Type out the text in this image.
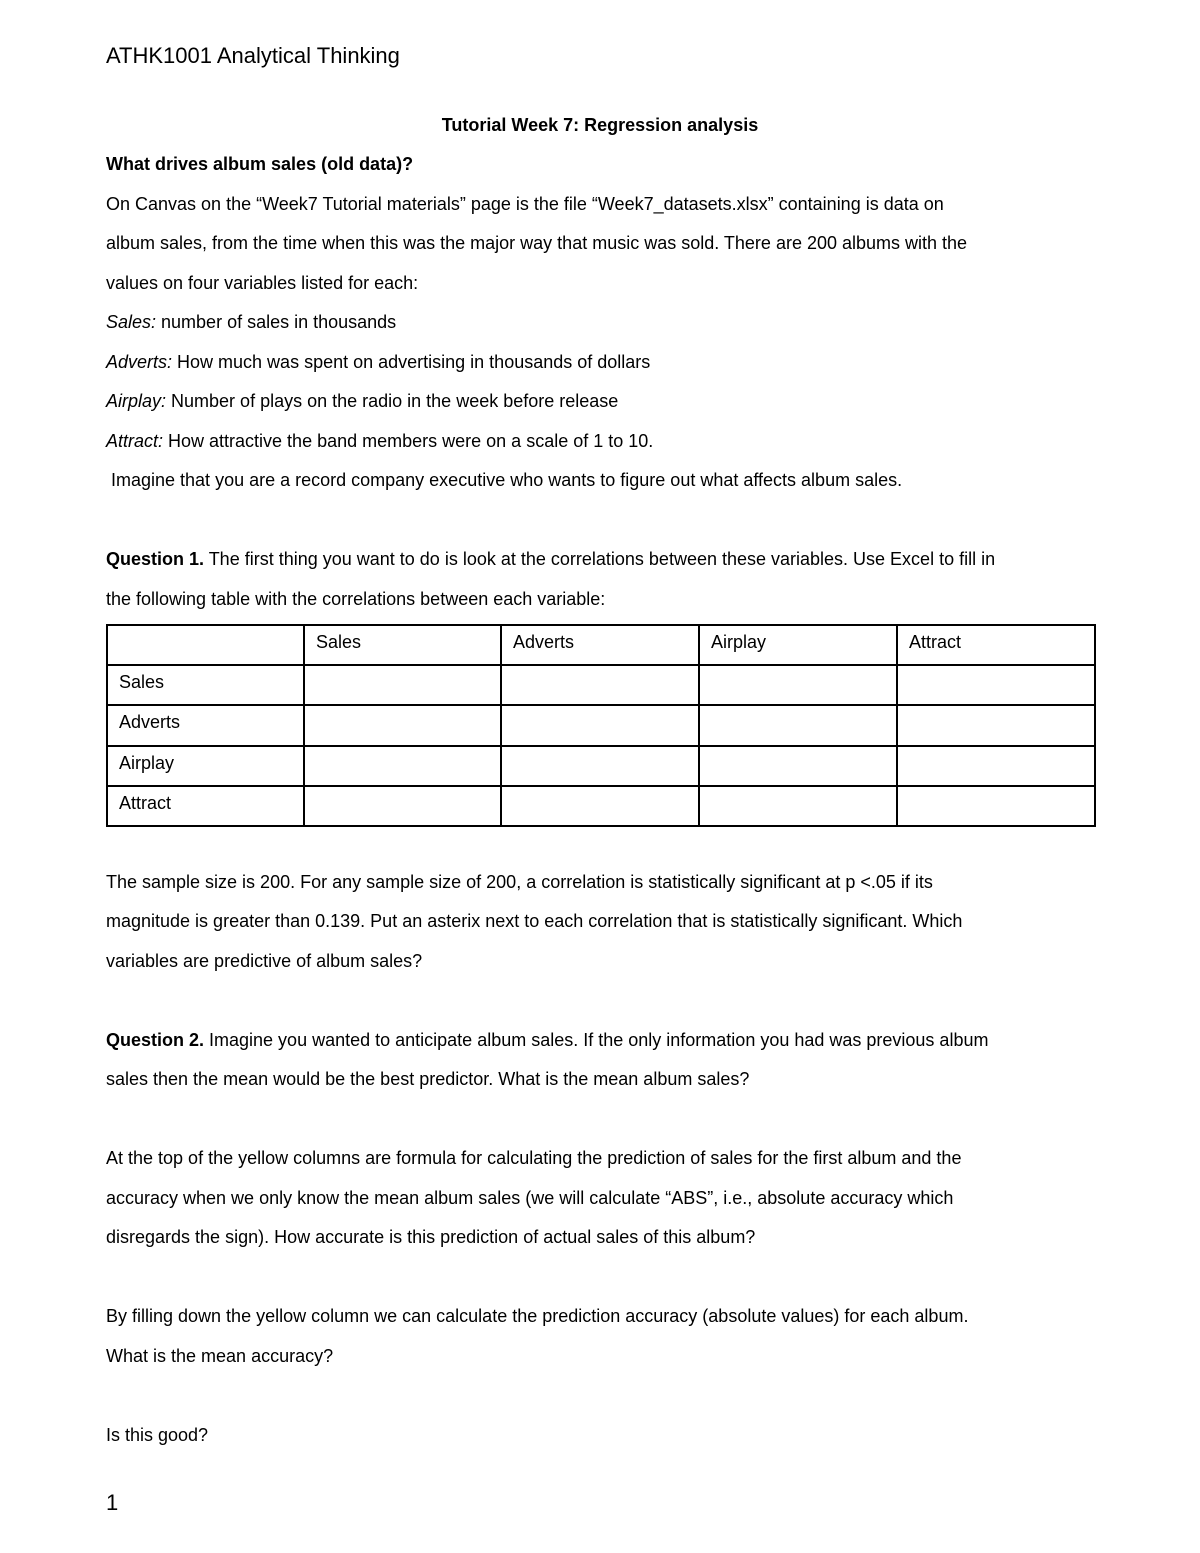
ATHK1001 Analytical Thinking
Tutorial Week 7: Regression analysis
What drives album sales (old data)?
On Canvas on the “Week7 Tutorial materials” page is the file “Week7_datasets.xlsx” containing is data on
album sales, from the time when this was the major way that music was sold. There are 200 albums with the
values on four variables listed for each:
Sales: number of sales in thousands
Adverts: How much was spent on advertising in thousands of dollars
Airplay: Number of plays on the radio in the week before release
Attract: How attractive the band members were on a scale of 1 to 10.
Imagine that you are a record company executive who wants to figure out what affects album sales.
Question 1. The first thing you want to do is look at the correlations between these variables. Use Excel to fill in
the following table with the correlations between each variable:
	Sales	Adverts	Airplay	Attract
Sales				
Adverts				
Airplay				
Attract				
The sample size is 200. For any sample size of 200, a correlation is statistically significant at p <.05 if its
magnitude is greater than 0.139. Put an asterix next to each correlation that is statistically significant. Which
variables are predictive of album sales?
Question 2. Imagine you wanted to anticipate album sales. If the only information you had was previous album
sales then the mean would be the best predictor. What is the mean album sales?
At the top of the yellow columns are formula for calculating the prediction of sales for the first album and the
accuracy when we only know the mean album sales (we will calculate “ABS”, i.e., absolute accuracy which
disregards the sign). How accurate is this prediction of actual sales of this album?
By filling down the yellow column we can calculate the prediction accuracy (absolute values) for each album.
What is the mean accuracy?
Is this good?
1
